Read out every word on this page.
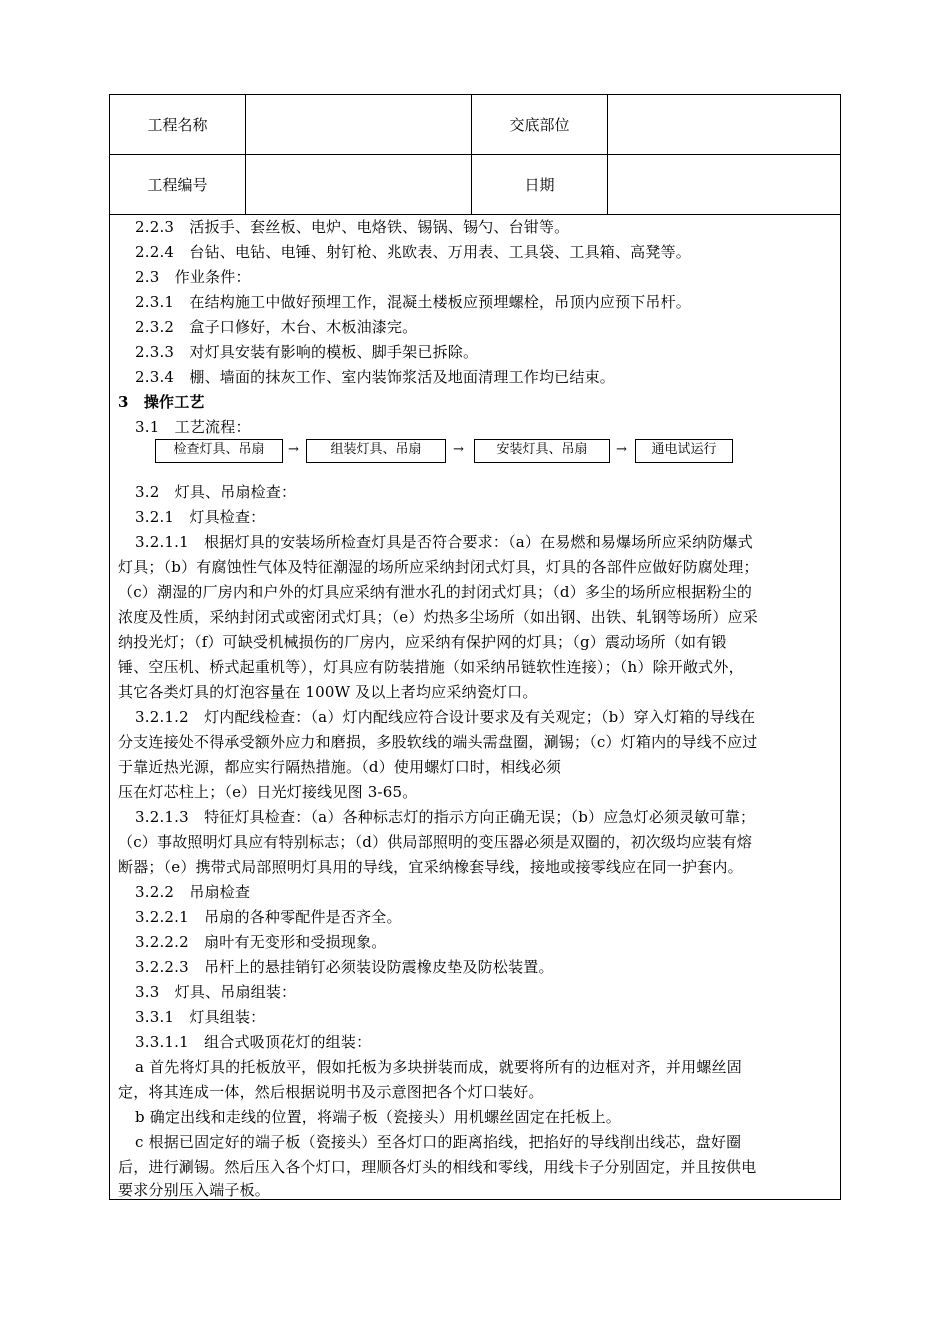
工程名称	交底部位
工程编号	日期
2.2.3　活扳手、套丝板、电炉、电烙铁、锡锅、锡勺、台钳等。
2.2.4　台钻、电钻、电锤、射钉枪、兆欧表、万用表、工具袋、工具箱、高凳等。
2.3　作业条件：
2.3.1　在结构施工中做好预埋工作，混凝土楼板应预埋螺栓，吊顶内应预下吊杆。
2.3.2　盒子口修好，木台、木板油漆完。
2.3.3　对灯具安装有影响的模板、脚手架已拆除。
2.3.4　棚、墙面的抹灰工作、室内装饰浆活及地面清理工作均已结束。
3　操作工艺
3.1　工艺流程：
检查灯具、吊扇	→	组装灯具、吊扇	→	安装灯具、吊扇	→	通电试运行
3.2　灯具、吊扇检查：
3.2.1　灯具检查：
3.2.1.1　根据灯具的安装场所检查灯具是否符合要求：（a）在易燃和易爆场所应采纳防爆式
灯具；（b）有腐蚀性气体及特征潮湿的场所应采纳封闭式灯具，灯具的各部件应做好防腐处理；
（c）潮湿的厂房内和户外的灯具应采纳有泄水孔的封闭式灯具；（d）多尘的场所应根据粉尘的
浓度及性质，采纳封闭式或密闭式灯具；（e）灼热多尘场所（如出钢、出铁、轧钢等场所）应采
纳投光灯；（f）可缺受机械损伤的厂房内，应采纳有保护网的灯具；（g）震动场所（如有锻
锤、空压机、桥式起重机等），灯具应有防装措施（如采纳吊链软性连接）；（h）除开敞式外，
其它各类灯具的灯泡容量在 100W 及以上者均应采纳瓷灯口。
3.2.1.2　灯内配线检查：（a）灯内配线应符合设计要求及有关观定；（b）穿入灯箱的导线在
分支连接处不得承受额外应力和磨损，多股软线的端头需盘圈，涮锡；（c）灯箱内的导线不应过
于靠近热光源，都应实行隔热措施。（d）使用螺灯口时，相线必须
压在灯芯柱上；（e）日光灯接线见图 3-65。
3.2.1.3　特征灯具检查：（a）各种标志灯的指示方向正确无误；（b）应急灯必须灵敏可靠；
（c）事故照明灯具应有特别标志；（d）供局部照明的变压器必须是双圈的，初次级均应装有熔
断器；（e）携带式局部照明灯具用的导线，宜采纳橡套导线，接地或接零线应在同一护套内。
3.2.2　吊扇检查
3.2.2.1　吊扇的各种零配件是否齐全。
3.2.2.2　扇叶有无变形和受损现象。
3.2.2.3　吊杆上的悬挂销钉必须装设防震橡皮垫及防松装置。
3.3　灯具、吊扇组装：
3.3.1　灯具组装：
3.3.1.1　组合式吸顶花灯的组装：
a 首先将灯具的托板放平，假如托板为多块拼装而成，就要将所有的边框对齐，并用螺丝固
定，将其连成一体，然后根据说明书及示意图把各个灯口装好。
b 确定出线和走线的位置，将端子板（瓷接头）用机螺丝固定在托板上。
c 根据已固定好的端子板（瓷接头）至各灯口的距离掐线，把掐好的导线削出线芯，盘好圈
后，进行涮锡。然后压入各个灯口，理顺各灯头的相线和零线，用线卡子分别固定，并且按供电
要求分别压入端子板。
